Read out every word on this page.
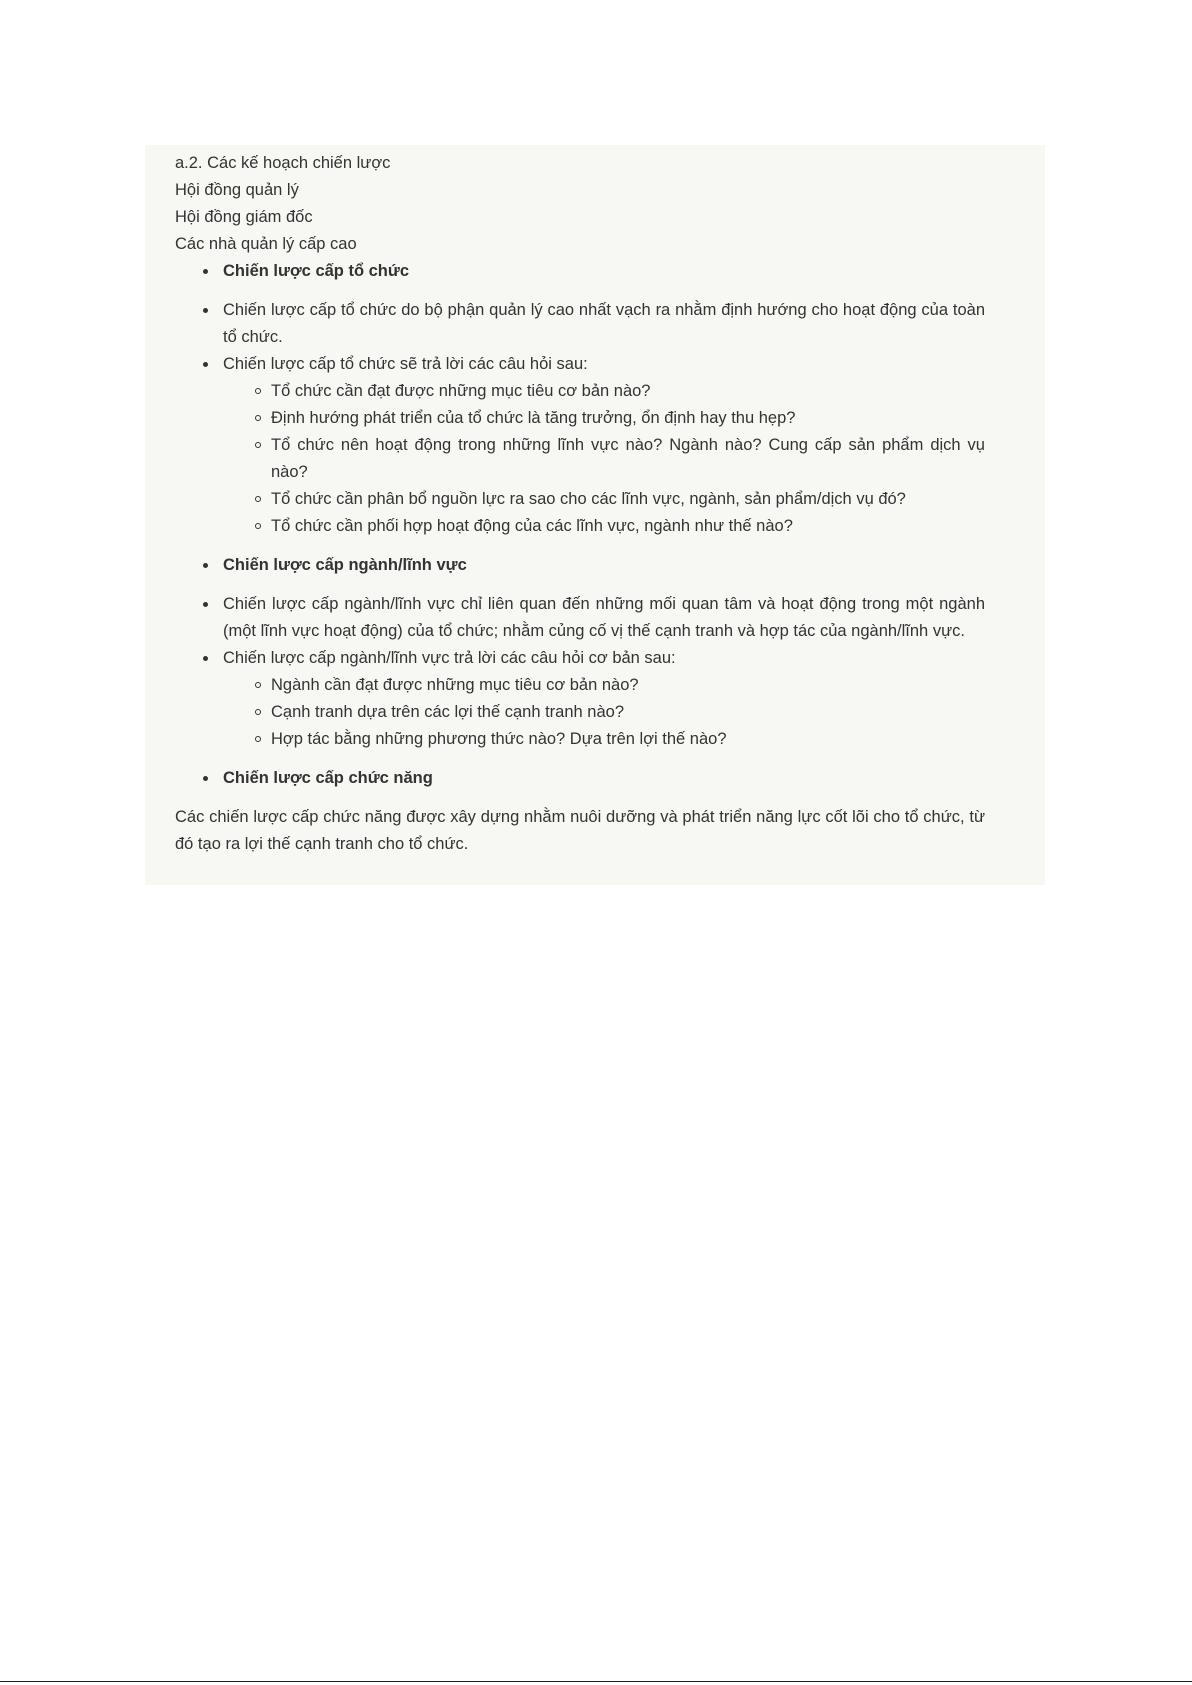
a.2. Các kế hoạch chiến lược

Hội đồng quản lý

Hội đồng giám đốc

Các nhà quản lý cấp cao

Chiến lược cấp tổ chức
Chiến lược cấp tổ chức do bộ phận quản lý cao nhất vạch ra nhằm định hướng cho hoạt động của toàn tổ chức.
Chiến lược cấp tổ chức sẽ trả lời các câu hỏi sau:
Tổ chức cần đạt được những mục tiêu cơ bản nào?
Định hướng phát triển của tổ chức là tăng trưởng, ổn định hay thu hẹp?
Tổ chức nên hoạt động trong những lĩnh vực nào? Ngành nào? Cung cấp sản phẩm dịch vụ nào?
Tổ chức cần phân bổ nguồn lực ra sao cho các lĩnh vực, ngành, sản phẩm/dịch vụ đó?
Tổ chức cần phối hợp hoạt động của các lĩnh vực, ngành như thế nào?
Chiến lược cấp ngành/lĩnh vực
Chiến lược cấp ngành/lĩnh vực chỉ liên quan đến những mối quan tâm và hoạt động trong một ngành (một lĩnh vực hoạt động) của tổ chức; nhằm củng cố vị thế cạnh tranh và hợp tác của ngành/lĩnh vực.
Chiến lược cấp ngành/lĩnh vực trả lời các câu hỏi cơ bản sau:
Ngành cần đạt được những mục tiêu cơ bản nào?
Cạnh tranh dựa trên các lợi thế cạnh tranh nào?
Hợp tác bằng những phương thức nào? Dựa trên lợi thế nào?
Chiến lược cấp chức năng

Các chiến lược cấp chức năng được xây dựng nhằm nuôi dưỡng và phát triển năng lực cốt lõi cho tổ chức, từ đó tạo ra lợi thế cạnh tranh cho tổ chức.
